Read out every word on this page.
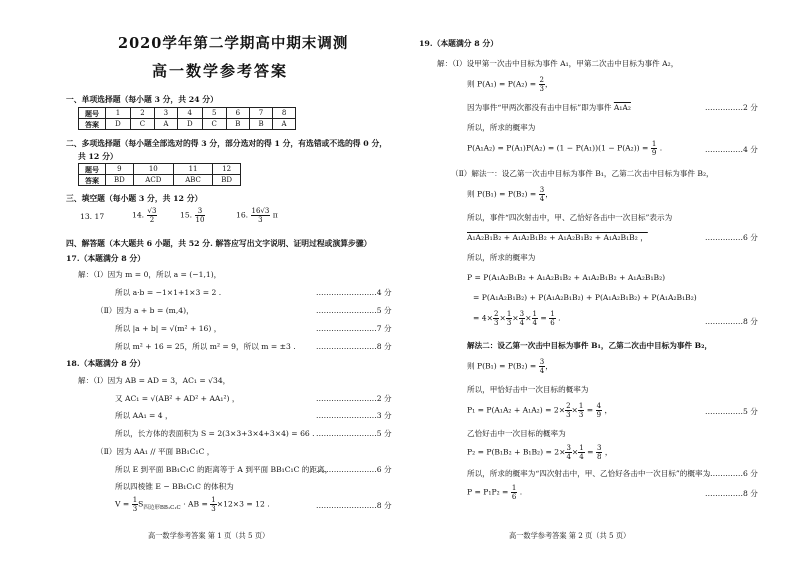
2020学年第二学期高中期末调测
高一数学参考答案
一、单项选择题（每小题 3 分，共 24 分）
题号	1	2	3	4	5	6	7	8
答案	D	C	A	D	C	B	B	A
二、多项选择题（每小题全部选对的得 3 分，部分选对的得 1 分，有选错或不选的得 0 分，
共 12 分）
题号	9	10	11	12
答案	BD	ACD	ABC	BD
三、填空题（每小题 3 分，共 12 分）
13. 17	14. $\frac{√3}{2}$	15. $\frac{3}{10}$	16. $\frac{16√3}{3}$ π
四、解答题（本大题共 6 小题，共 52 分. 解答应写出文字说明、证明过程或演算步骤）
17.（本题满分 8 分）
解：（Ⅰ）因为 m = 0，所以 a = (−1,1)，
所以 a·b = −1×1+1×3 = 2 .	……………………4 分
（Ⅱ）因为 a + b = (m,4)，	……………………5 分
所以 |a + b| = √(m² + 16) ，	……………………7 分
所以 m² + 16 = 25，所以 m² = 9，所以 m = ±3 .	……………………8 分
18.（本题满分 8 分）
解：（Ⅰ）因为 AB = AD = 3，AC₁ = √34，
又 AC₁ = √(AB² + AD² + AA₁²) ，	……………………2 分
所以 AA₁ = 4 ，	……………………3 分
所以，长方体的表面积为 S = 2(3×3+3×4+3×4) = 66 . ……………………5 分
（Ⅱ）因为 AA₁ // 平面 BB₁C₁C ，
所以 E 到平面 BB₁C₁C 的距离等于 A 到平面 BB₁C₁C 的距离，
……………………6 分
所以四棱锥 E − BB₁C₁C 的体积为
$V = \frac{1}{3} S_{四边形BB_1C_1C}$ · AB = $\frac{1}{3} \times 12\times 3 = 12$ .	……………………8 分
高一数学参考答案 第 1 页（共 5 页）
19.（本题满分 8 分）
解：（Ⅰ）设甲第一次击中目标为事件 A₁，甲第二次击中目标为事件 A₂，
则 $P(A_1) = P(A_2) = \frac{2}{3}$ ，
因为事件“甲两次都没有击中目标”即为事件 A₁A₂	……………2 分
所以，所求的概率为
$P(A_1A_2) = P(A_1)P(A_2) = (1 - P(A_1))(1 - P(A_2)) = \frac{1}{9}$ .	……………4 分
（Ⅱ）解法一：设乙第一次击中目标为事件 B₁，乙第二次击中目标为事件 B₂，
则 $P(B_1) = P(B_2) = \frac{3}{4}$ ，
所以，事件“四次射击中，甲、乙恰好各击中一次目标”表示为
A₁A₂B₁B₂ + A₁A₂B₁B₂ + A₁A₂B₁B₂ + A₁A₂B₁B₂ ，	……………6 分
所以，所求的概率为
P = P(A₁A₂B₁B₂ + A₁A₂B₁B₂ + A₁A₂B₁B₂ + A₁A₂B₁B₂)
= P(A₁A₂B₁B₂) + P(A₁A₂B₁B₂) + P(A₁A₂B₁B₂) + P(A₁A₂B₁B₂)
= $4\times \frac{2}{3} \times \frac{1}{3} \times \frac{3}{4} \times \frac{1}{4} = \frac{1}{6}$ .	……………8 分
解法二：设乙第一次击中目标为事件 B₁，乙第二次击中目标为事件 B₂，
则 $P(B_1) = P(B_2) = \frac{3}{4}$ ，
所以，甲恰好击中一次目标的概率为
$P_1 = P(A_1A_2 + A_1A_2) = 2\times \frac{2}{3} \times \frac{1}{3} = \frac{4}{9}$ ，	……………5 分
乙恰好击中一次目标的概率为
$P_2 = P(B_1B_2 + B_1B_2) = 2\times \frac{3}{4} \times \frac{1}{4} = \frac{3}{8}$ ，
所以，所求的概率为“四次射击中，甲、乙恰好各击中一次目标”的概率为
……………6 分
$P = P_1P_2 = \frac{1}{6}$ .	……………8 分
高一数学参考答案 第 2 页（共 5 页）
